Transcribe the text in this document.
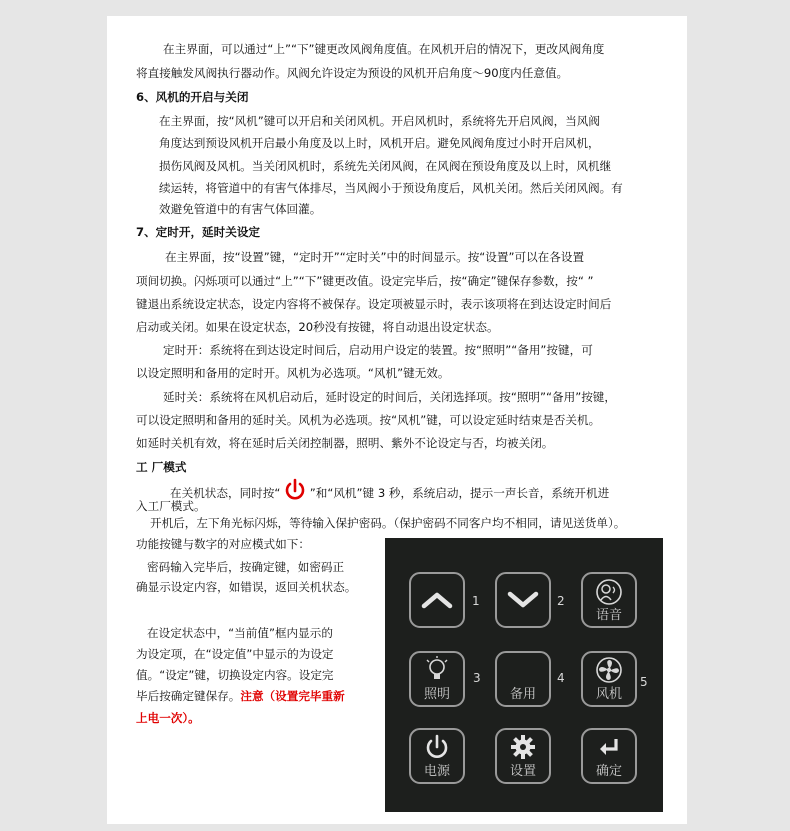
在主界面，可以通过“上”“下”键更改风阀角度值。在风机开启的情况下，更改风阀角度
将直接触发风阀执行器动作。风阀允许设定为预设的风机开启角度～90度内任意值。
6、风机的开启与关闭
在主界面，按“风机”键可以开启和关闭风机。开启风机时，系统将先开启风阀，当风阀
角度达到预设风机开启最小角度及以上时，风机开启。避免风阀角度过小时开启风机，
损伤风阀及风机。当关闭风机时，系统先关闭风阀，在风阀在预设角度及以上时，风机继
续运转，将管道中的有害气体排尽，当风阀小于预设角度后，风机关闭。然后关闭风阀。有
效避免管道中的有害气体回灌。
7、定时开，延时关设定
在主界面，按“设置”键，“定时开”“定时关”中的时间显示。按“设置”可以在各设置
项间切换。闪烁项可以通过“上”“下”键更改值。设定完毕后，按“确定”键保存参数，按“ ”
键退出系统设定状态，设定内容将不被保存。设定项被显示时，表示该项将在到达设定时间后
启动或关闭。如果在设定状态，20秒没有按键，将自动退出设定状态。
定时开：系统将在到达设定时间后，启动用户设定的装置。按“照明”“备用”按键，可
以设定照明和备用的定时开。风机为必选项。“风机”键无效。
延时关：系统将在风机启动后，延时设定的时间后，关闭选择项。按“照明”“备用”按键，
可以设定照明和备用的延时关。风机为必选项。按“风机”键，可以设定延时结束是否关机。
如延时关机有效，将在延时后关闭控制器，照明、紫外不论设定与否，均被关闭。
工 厂模式
在关机状态，同时按“	”和“风机”键 3 秒，系统启动，提示一声长音，系统开机进
入工厂模式。
开机后，左下角光标闪烁，等待输入保护密码。（保护密码不同客户均不相同，请见送货单）。
功能按键与数字的对应模式如下：
密码输入完毕后，按确定键，如密码正
确显示设定内容，如错误，返回关机状态。
在设定状态中，“当前值”框内显示的
为设定项，在“设定值”中显示的为设定
值。“设定”键，切换设定内容。设定完
毕后按确定键保存。注意（设置完毕重新
上电一次）。
1	2
语音
照明
3
备用
4
风机
5
电源	设置	确定
